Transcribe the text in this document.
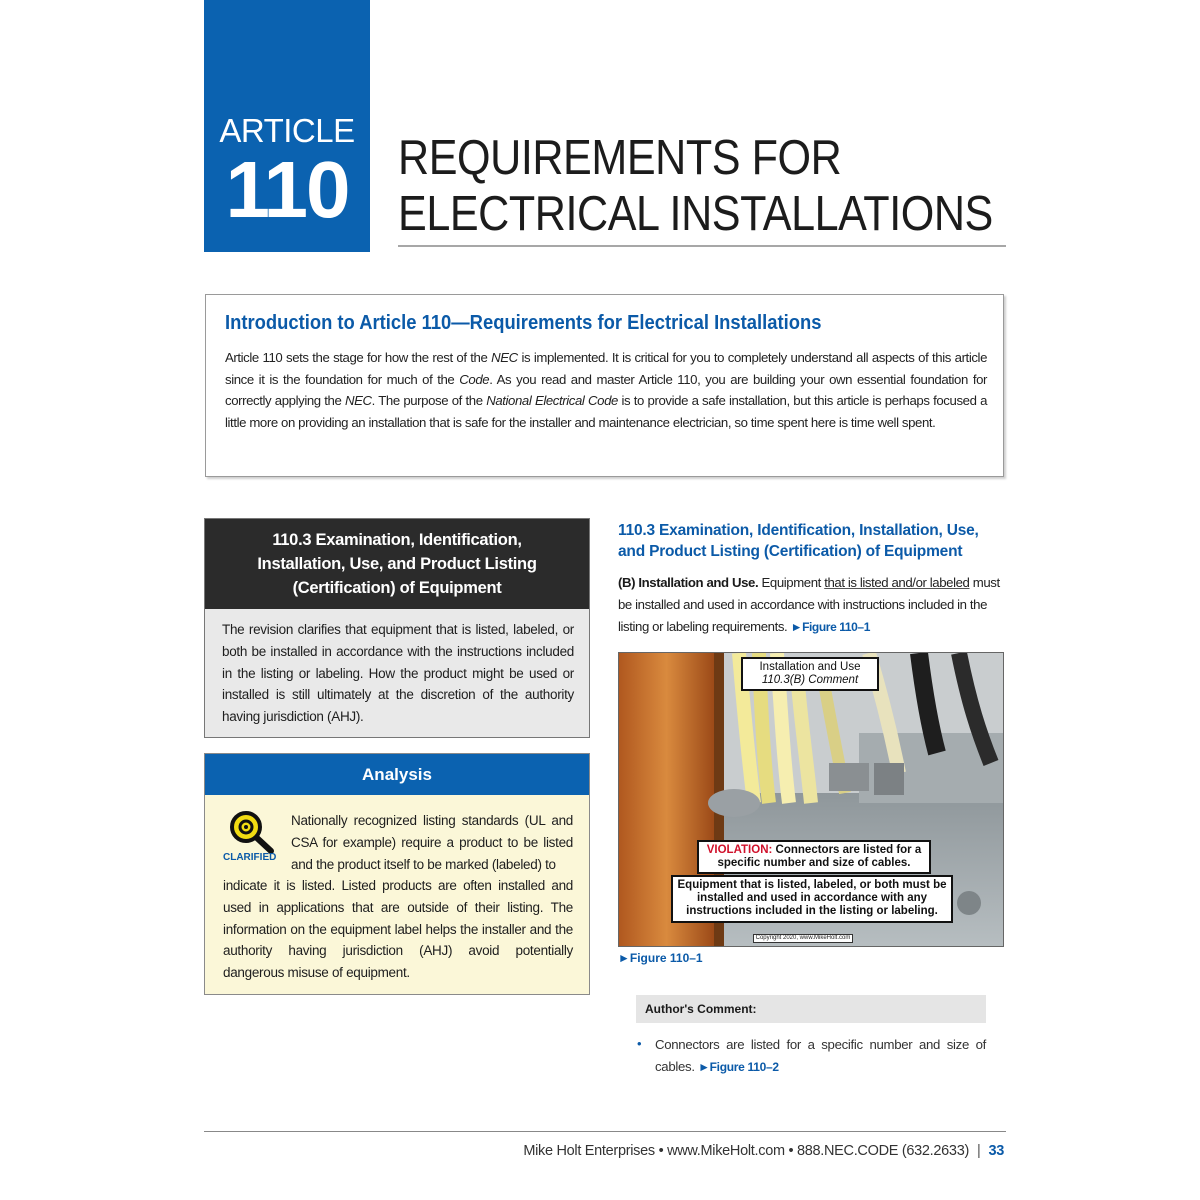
ARTICLE
110	REQUIREMENTS FOR
ELECTRICAL INSTALLATIONS
Introduction to Article 110—Requirements for Electrical Installations
Article 110 sets the stage for how the rest of the NEC is implemented. It is critical for you to completely understand all aspects of this article since it is the foundation for much of the Code. As you read and master Article 110, you are building your own essential foundation for correctly applying the NEC. The purpose of the National Electrical Code is to provide a safe installation, but this article is perhaps focused a little more on providing an installation that is safe for the installer and maintenance electrician, so time spent here is time well spent.
110.3 Examination, Identification,
Installation, Use, and Product Listing
(Certification) of Equipment
The revision clarifies that equipment that is listed, labeled, or both be installed in accordance with the instructions included in the listing or labeling. How the product might be used or installed is still ultimately at the discretion of the authority having jurisdiction (AHJ).
Analysis
CLARIFIED
Nationally recognized listing standards (UL and CSA for example) require a product to be listed and the product itself to be marked (labeled) to
indicate it is listed. Listed products are often installed and used in applications that are outside of their listing. The information on the equipment label helps the installer and the authority having jurisdiction (AHJ) avoid potentially dangerous misuse of equipment.
110.3 Examination, Identification, Installation, Use, and Product Listing (Certification) of Equipment
(B) Installation and Use. Equipment that is listed and/or labeled must be installed and used in accordance with instructions included in the listing or labeling requirements. ►Figure 110–1
Installation and Use
110.3(B) Comment
VIOLATION: Connectors are listed for a specific number and size of cables.
Equipment that is listed, labeled, or both must be installed and used in accordance with any instructions included in the listing or labeling.
Copyright 2020, www.MikeHolt.com
►Figure 110–1
Author's Comment:
• Connectors are listed for a specific number and size of cables. ►Figure 110–2
Mike Holt Enterprises • www.MikeHolt.com • 888.NEC.CODE (632.2633) | 33
